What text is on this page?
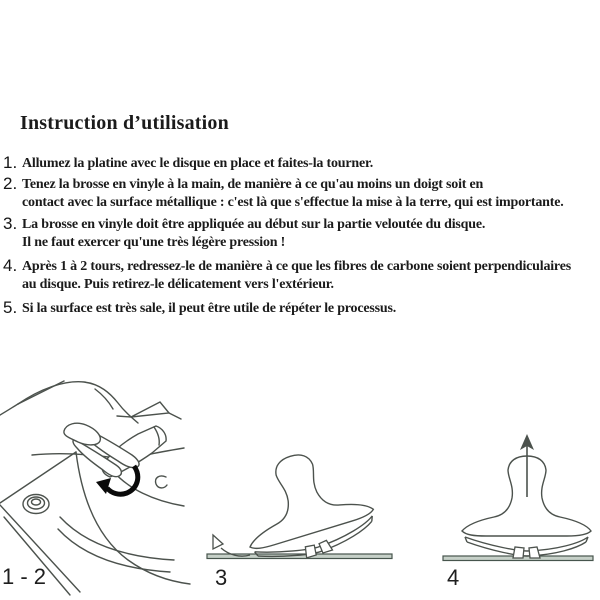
Instruction d’utilisation
1. Allumez la platine avec le disque en place et faites-la tourner.
2. Tenez la brosse en vinyle à la main, de manière à ce qu'au moins un doigt soit en
contact avec la surface métallique : c'est là que s'effectue la mise à la terre, qui est importante.
3. La brosse en vinyle doit être appliquée au début sur la partie veloutée du disque.
Il ne faut exercer qu'une très légère pression !
4. Après 1 à 2 tours, redressez-le de manière à ce que les fibres de carbone soient perpendiculaires
au disque. Puis retirez-le délicatement vers l'extérieur.
5. Si la surface est très sale, il peut être utile de répéter le processus.
1 - 2	3	4
